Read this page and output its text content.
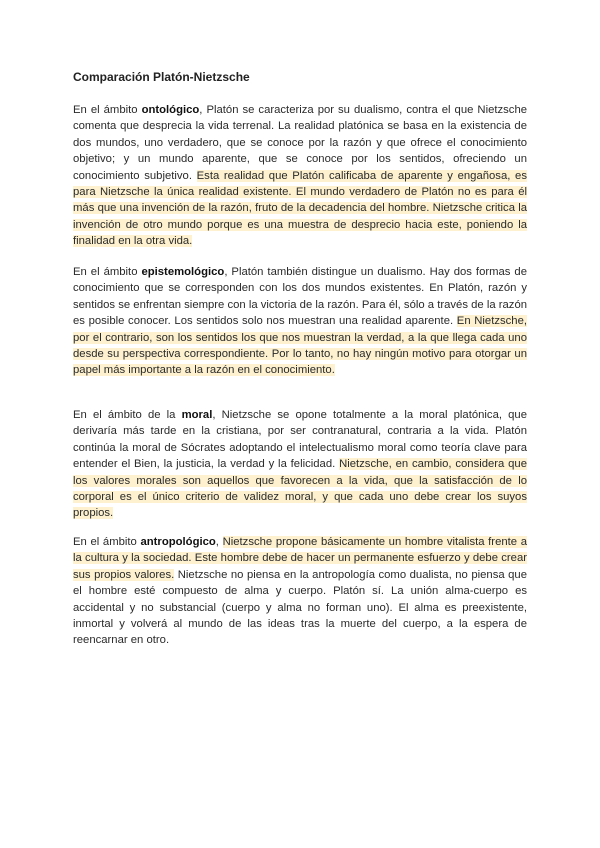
Comparación Platón-Nietzsche

En el ámbito ontológico, Platón se caracteriza por su dualismo, contra el que Nietzsche comenta que desprecia la vida terrenal. La realidad platónica se basa en la existencia de dos mundos, uno verdadero, que se conoce por la razón y que ofrece el conocimiento objetivo; y un mundo aparente, que se conoce por los sentidos, ofreciendo un conocimiento subjetivo. Esta realidad que Platón calificaba de aparente y engañosa, es para Nietzsche la única realidad existente. El mundo verdadero de Platón no es para él más que una invención de la razón, fruto de la decadencia del hombre. Nietzsche critica la invención de otro mundo porque es una muestra de desprecio hacia este, poniendo la finalidad en la otra vida.

En el ámbito epistemológico, Platón también distingue un dualismo. Hay dos formas de conocimiento que se corresponden con los dos mundos existentes. En Platón, razón y sentidos se enfrentan siempre con la victoria de la razón. Para él, sólo a través de la razón es posible conocer. Los sentidos solo nos muestran una realidad aparente. En Nietzsche, por el contrario, son los sentidos los que nos muestran la verdad, a la que llega cada uno desde su perspectiva correspondiente. Por lo tanto, no hay ningún motivo para otorgar un papel más importante a la razón en el conocimiento.

En el ámbito de la moral, Nietzsche se opone totalmente a la moral platónica, que derivaría más tarde en la cristiana, por ser contranatural, contraria a la vida. Platón continúa la moral de Sócrates adoptando el intelectualismo moral como teoría clave para entender el Bien, la justicia, la verdad y la felicidad. Nietzsche, en cambio, considera que los valores morales son aquellos que favorecen a la vida, que la satisfacción de lo corporal es el único criterio de validez moral, y que cada uno debe crear los suyos propios.

En el ámbito antropológico, Nietzsche propone básicamente un hombre vitalista frente a la cultura y la sociedad. Este hombre debe de hacer un permanente esfuerzo y debe crear sus propios valores. Nietzsche no piensa en la antropología como dualista, no piensa que el hombre esté compuesto de alma y cuerpo. Platón sí. La unión alma-cuerpo es accidental y no substancial (cuerpo y alma no forman uno). El alma es preexistente, inmortal y volverá al mundo de las ideas tras la muerte del cuerpo, a la espera de reencarnar en otro.
